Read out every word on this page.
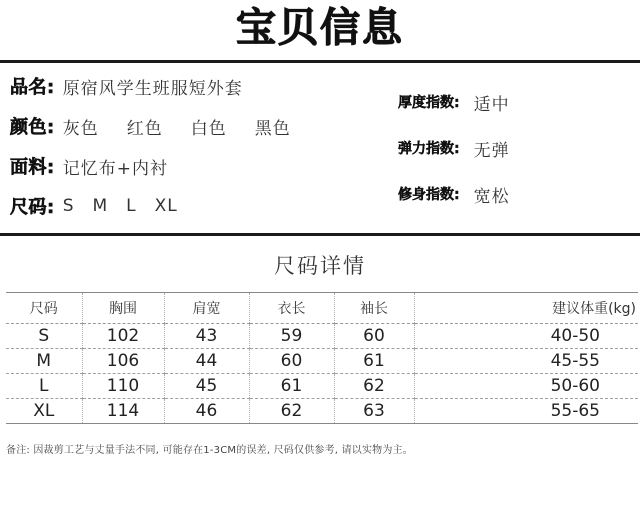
宝贝信息
品名: 原宿风学生班服短外套
颜色: 灰色 红色 白色 黑色
面料: 记忆布+内衬
尺码: S M L XL
厚度指数: 适中
弹力指数: 无弹
修身指数: 宽松
尺码详情
尺码	胸围	肩宽	衣长	袖长	建议体重(kg)
S	102	43	59	60	40-50
M	106	44	60	61	45-55
L	110	45	61	62	50-60
XL	114	46	62	63	55-65
备注: 因裁剪工艺与丈量手法不同, 可能存在1-3CM的误差, 尺码仅供参考, 请以实物为主。
